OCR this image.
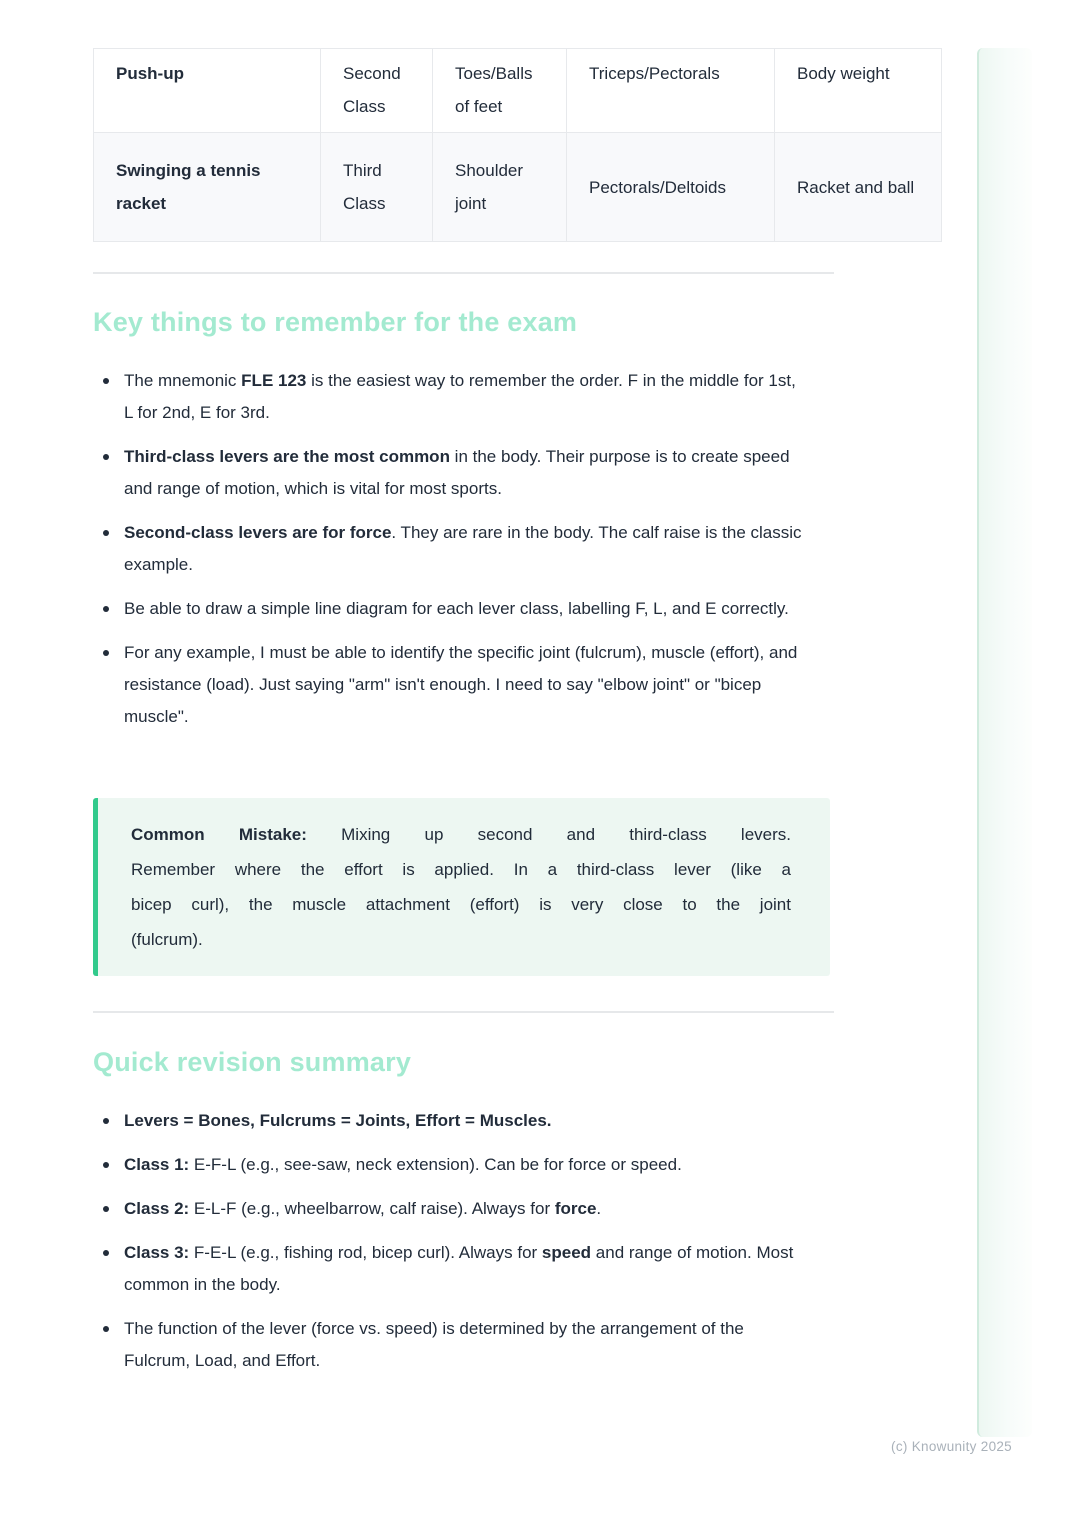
Push-up	Second Class	Toes/Balls of feet	Triceps/Pectorals	Body weight
Swinging a tennis racket	Third Class	Shoulder joint	Pectorals/Deltoids	Racket and ball
Key things to remember for the exam
The mnemonic FLE 123 is the easiest way to remember the order. F in the middle for 1st, L for 2nd, E for 3rd.
Third-class levers are the most common in the body. Their purpose is to create speed and range of motion, which is vital for most sports.
Second-class levers are for force. They are rare in the body. The calf raise is the classic example.
Be able to draw a simple line diagram for each lever class, labelling F, L, and E correctly.
For any example, I must be able to identify the specific joint (fulcrum), muscle (effort), and resistance (load). Just saying "arm" isn't enough. I need to say "elbow joint" or "bicep muscle".
Common Mistake: Mixing up second and third-class levers.
Remember where the effort is applied. In a third-class lever (like a
bicep curl), the muscle attachment (effort) is very close to the joint
(fulcrum).
Quick revision summary
Levers = Bones, Fulcrums = Joints, Effort = Muscles.
Class 1: E-F-L (e.g., see-saw, neck extension). Can be for force or speed.
Class 2: E-L-F (e.g., wheelbarrow, calf raise). Always for force.
Class 3: F-E-L (e.g., fishing rod, bicep curl). Always for speed and range of motion. Most common in the body.
The function of the lever (force vs. speed) is determined by the arrangement of the Fulcrum, Load, and Effort.
(c) Knowunity 2025
